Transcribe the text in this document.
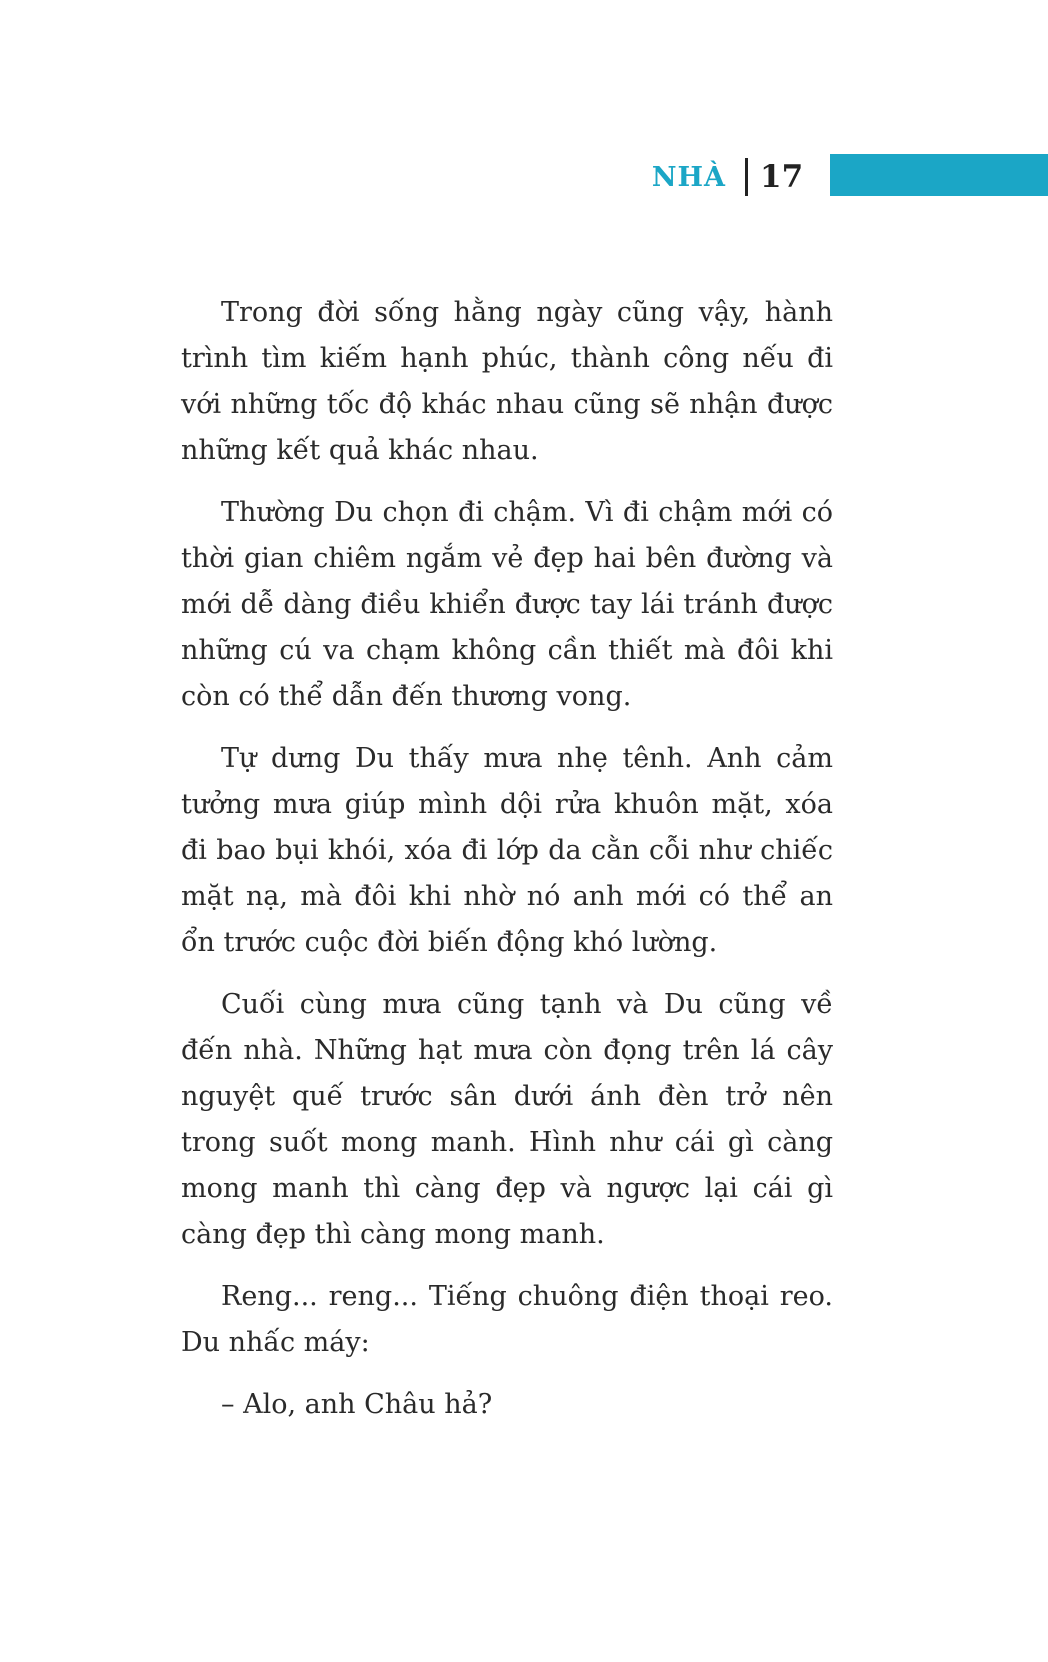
NHÀ 17

Trong đời sống hằng ngày cũng vậy, hành trình tìm kiếm hạnh phúc, thành công nếu đi với những tốc độ khác nhau cũng sẽ nhận được những kết quả khác nhau.

Thường Du chọn đi chậm. Vì đi chậm mới có thời gian chiêm ngắm vẻ đẹp hai bên đường và mới dễ dàng điều khiển được tay lái tránh được những cú va chạm không cần thiết mà đôi khi còn có thể dẫn đến thương vong.

Tự dưng Du thấy mưa nhẹ tênh. Anh cảm tưởng mưa giúp mình dội rửa khuôn mặt, xóa đi bao bụi khói, xóa đi lớp da cằn cỗi như chiếc mặt nạ, mà đôi khi nhờ nó anh mới có thể an ổn trước cuộc đời biến động khó lường.

Cuối cùng mưa cũng tạnh và Du cũng về đến nhà. Những hạt mưa còn đọng trên lá cây nguyệt quế trước sân dưới ánh đèn trở nên trong suốt mong manh. Hình như cái gì càng mong manh thì càng đẹp và ngược lại cái gì càng đẹp thì càng mong manh.

Reng... reng... Tiếng chuông điện thoại reo. Du nhấc máy:

– Alo, anh Châu hả?
